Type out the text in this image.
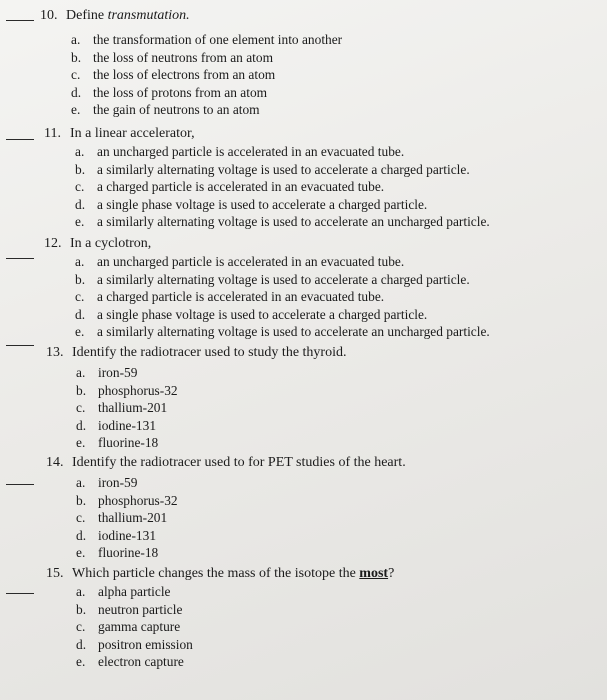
10. Define transmutation.
a. the transformation of one element into another
b. the loss of neutrons from an atom
c. the loss of electrons from an atom
d. the loss of protons from an atom
e. the gain of neutrons to an atom
11. In a linear accelerator,
a. an uncharged particle is accelerated in an evacuated tube.
b. a similarly alternating voltage is used to accelerate a charged particle.
c. a charged particle is accelerated in an evacuated tube.
d. a single phase voltage is used to accelerate a charged particle.
e. a similarly alternating voltage is used to accelerate an uncharged particle.
12. In a cyclotron,
a. an uncharged particle is accelerated in an evacuated tube.
b. a similarly alternating voltage is used to accelerate a charged particle.
c. a charged particle is accelerated in an evacuated tube.
d. a single phase voltage is used to accelerate a charged particle.
e. a similarly alternating voltage is used to accelerate an uncharged particle.
13. Identify the radiotracer used to study the thyroid.
a. iron-59
b. phosphorus-32
c. thallium-201
d. iodine-131
e. fluorine-18
14. Identify the radiotracer used to for PET studies of the heart.
a. iron-59
b. phosphorus-32
c. thallium-201
d. iodine-131
e. fluorine-18
15. Which particle changes the mass of the isotope the most?
a. alpha particle
b. neutron particle
c. gamma capture
d. positron emission
e. electron capture
